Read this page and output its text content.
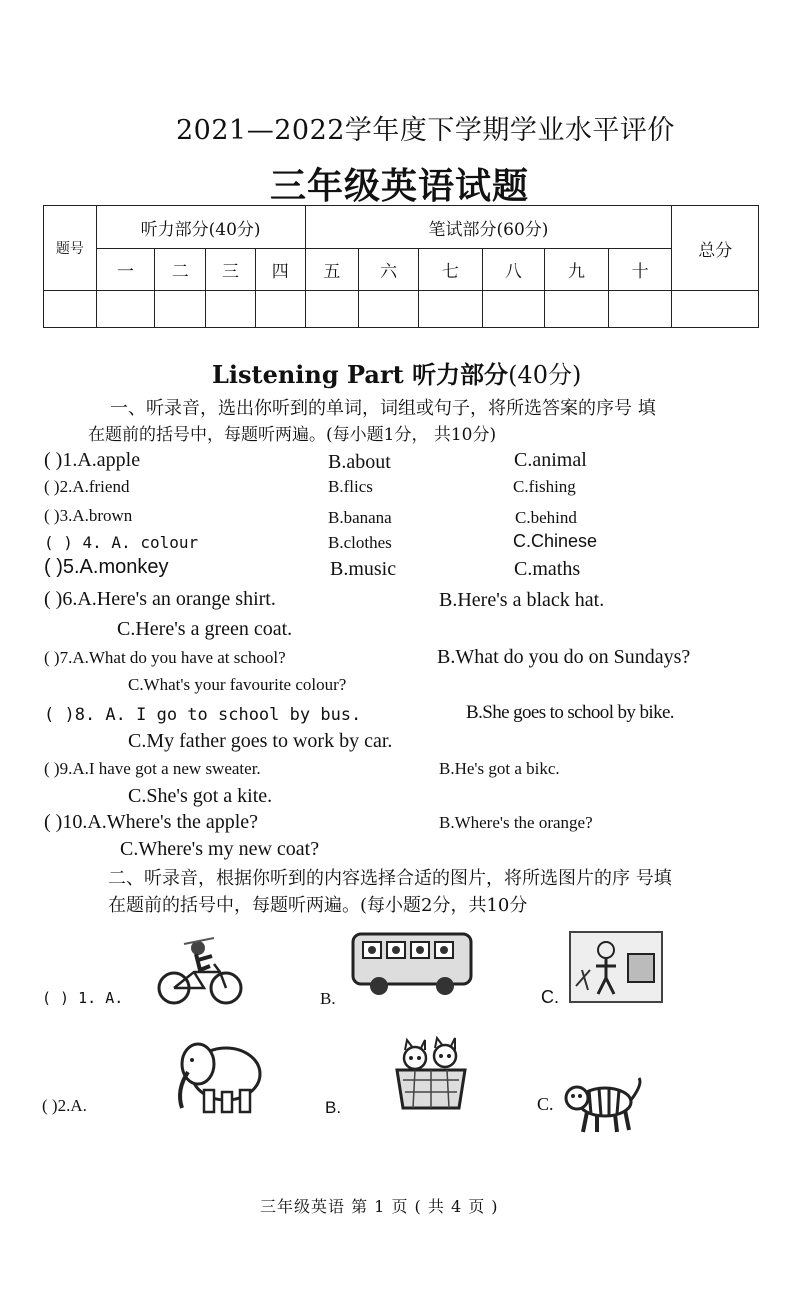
2021—2022学年度下学期学业水平评价
三年级英语试题
题号	听力部分(40分)				笔试部分(60分)						总分
	一	二	三	四	五	六	七	八	九	十	

Listening Part 听力部分(40分)
一、听录音，选出你听到的单词，词组或句子，将所选答案的序号 填
在题前的括号中，每题听两遍。(每小题1分， 共10分)
( )1.A.apple	B.about	C.animal
( )2.A.friend	B.flics	C.fishing
( )3.A.brown	B.banana	C.behind
( ) 4. A. colour	B.clothes	C.Chinese
( )5.A.monkey	B.music	C.maths
( )6.A.Here's an orange shirt.	B.Here's a black hat.
C.Here's a green coat.
( )7.A.What do you have at school?	B.What do you do on Sundays?
C.What's your favourite colour?
( )8. A. I go to school by bus.	B.She goes to school by bike.
C.My father goes to work by car.
( )9.A.I have got a new sweater.	B.He's got a bikc.
C.She's got a kite.
( )10.A.Where's the apple?	B.Where's the orange?
C.Where's my new coat?
二、听录音，根据你听到的内容选择合适的图片，将所选图片的序 号填
在题前的括号中，每题听两遍。(每小题2分，共10分
( ) 1. A.	B.	C.
( )2.A.	B.	C.
三年级英语 第 1 页 ( 共 4 页 )
